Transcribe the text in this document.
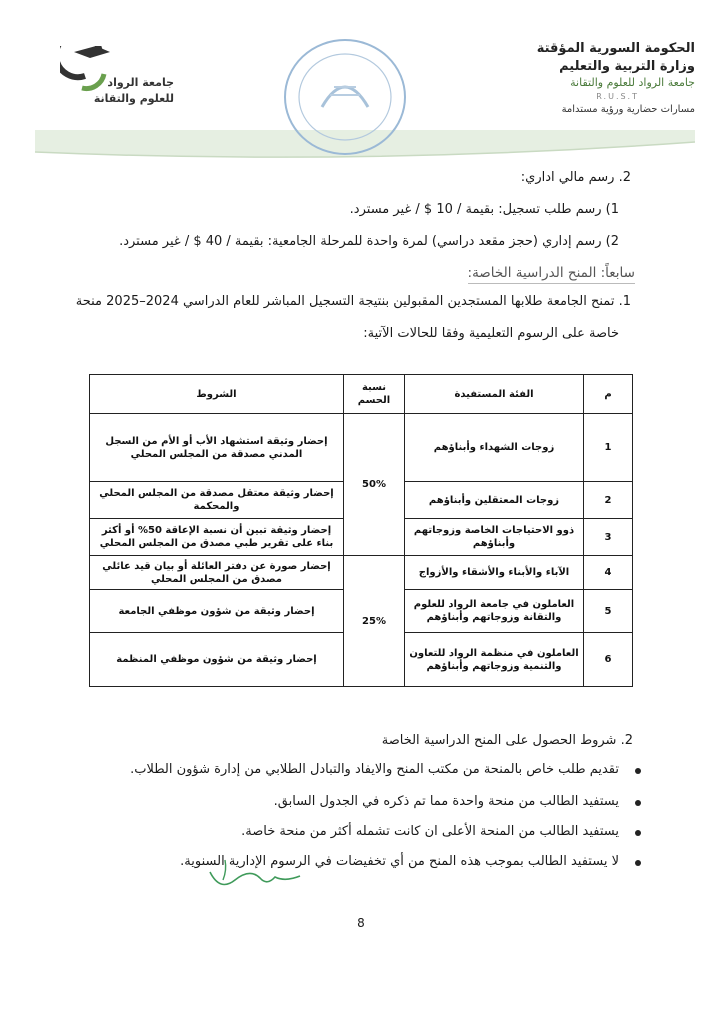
جامعة الرواد
للعلوم والتقانة
الحكومة السورية المؤقتة
وزارة التربية والتعليم
جامعة الرواد للعلوم والتقانة
R.U.S.T
مسارات حضارية ورؤية مستدامة
2. رسم مالي اداري:
1) رسم طلب تسجيل: بقيمة / 10 $ / غير مسترد.
2) رسم إداري (حجز مقعد دراسي) لمرة واحدة للمرحلة الجامعية: بقيمة / 40 $ / غير مسترد.
سابعاً: المنح الدراسية الخاصة:
1. تمنح الجامعة طلابها المستجدين المقبولين بنتيجة التسجيل المباشر للعام الدراسي 2024–2025 منحة
خاصة على الرسوم التعليمية وفقا للحالات الآتية:
م	الفئة المستفيدة	نسبة الحسم	الشروط
1	زوجات الشهداء وأبناؤهم	50%	إحضار وثيقة استشهاد الأب أو الأم من السجل المدني مصدقة من المجلس المحلي
2	زوجات المعتقلين وأبناؤهم		إحضار وثيقة معتقل مصدقة من المجلس المحلي والمحكمة
3	ذوو الاحتياجات الخاصة وزوجاتهم وأبناؤهم		إحضار وثيقة تبين أن نسبة الإعاقة 50% أو أكثر بناء على تقرير طبي مصدق من المجلس المحلي
4	الآباء والأبناء والأشقاء والأزواج	25%	إحضار صورة عن دفتر العائلة أو بيان قيد عائلي مصدق من المجلس المحلي
5	العاملون في جامعة الرواد للعلوم والتقانة وزوجاتهم وأبناؤهم		إحضار وثيقة من شؤون موظفي الجامعة
6	العاملون في منظمة الرواد للتعاون والتنمية وزوجاتهم وأبناؤهم		إحضار وثيقة من شؤون موظفي المنظمة
2. شروط الحصول على المنح الدراسية الخاصة
تقديم طلب خاص بالمنحة من مكتب المنح والايفاد والتبادل الطلابي من إدارة شؤون الطلاب.
يستفيد الطالب من منحة واحدة مما تم ذكره في الجدول السابق.
يستفيد الطالب من المنحة الأعلى ان كانت تشمله أكثر من منحة خاصة.
لا يستفيد الطالب بموجب هذه المنح من أي تخفيضات في الرسوم الإدارية السنوية.
8
